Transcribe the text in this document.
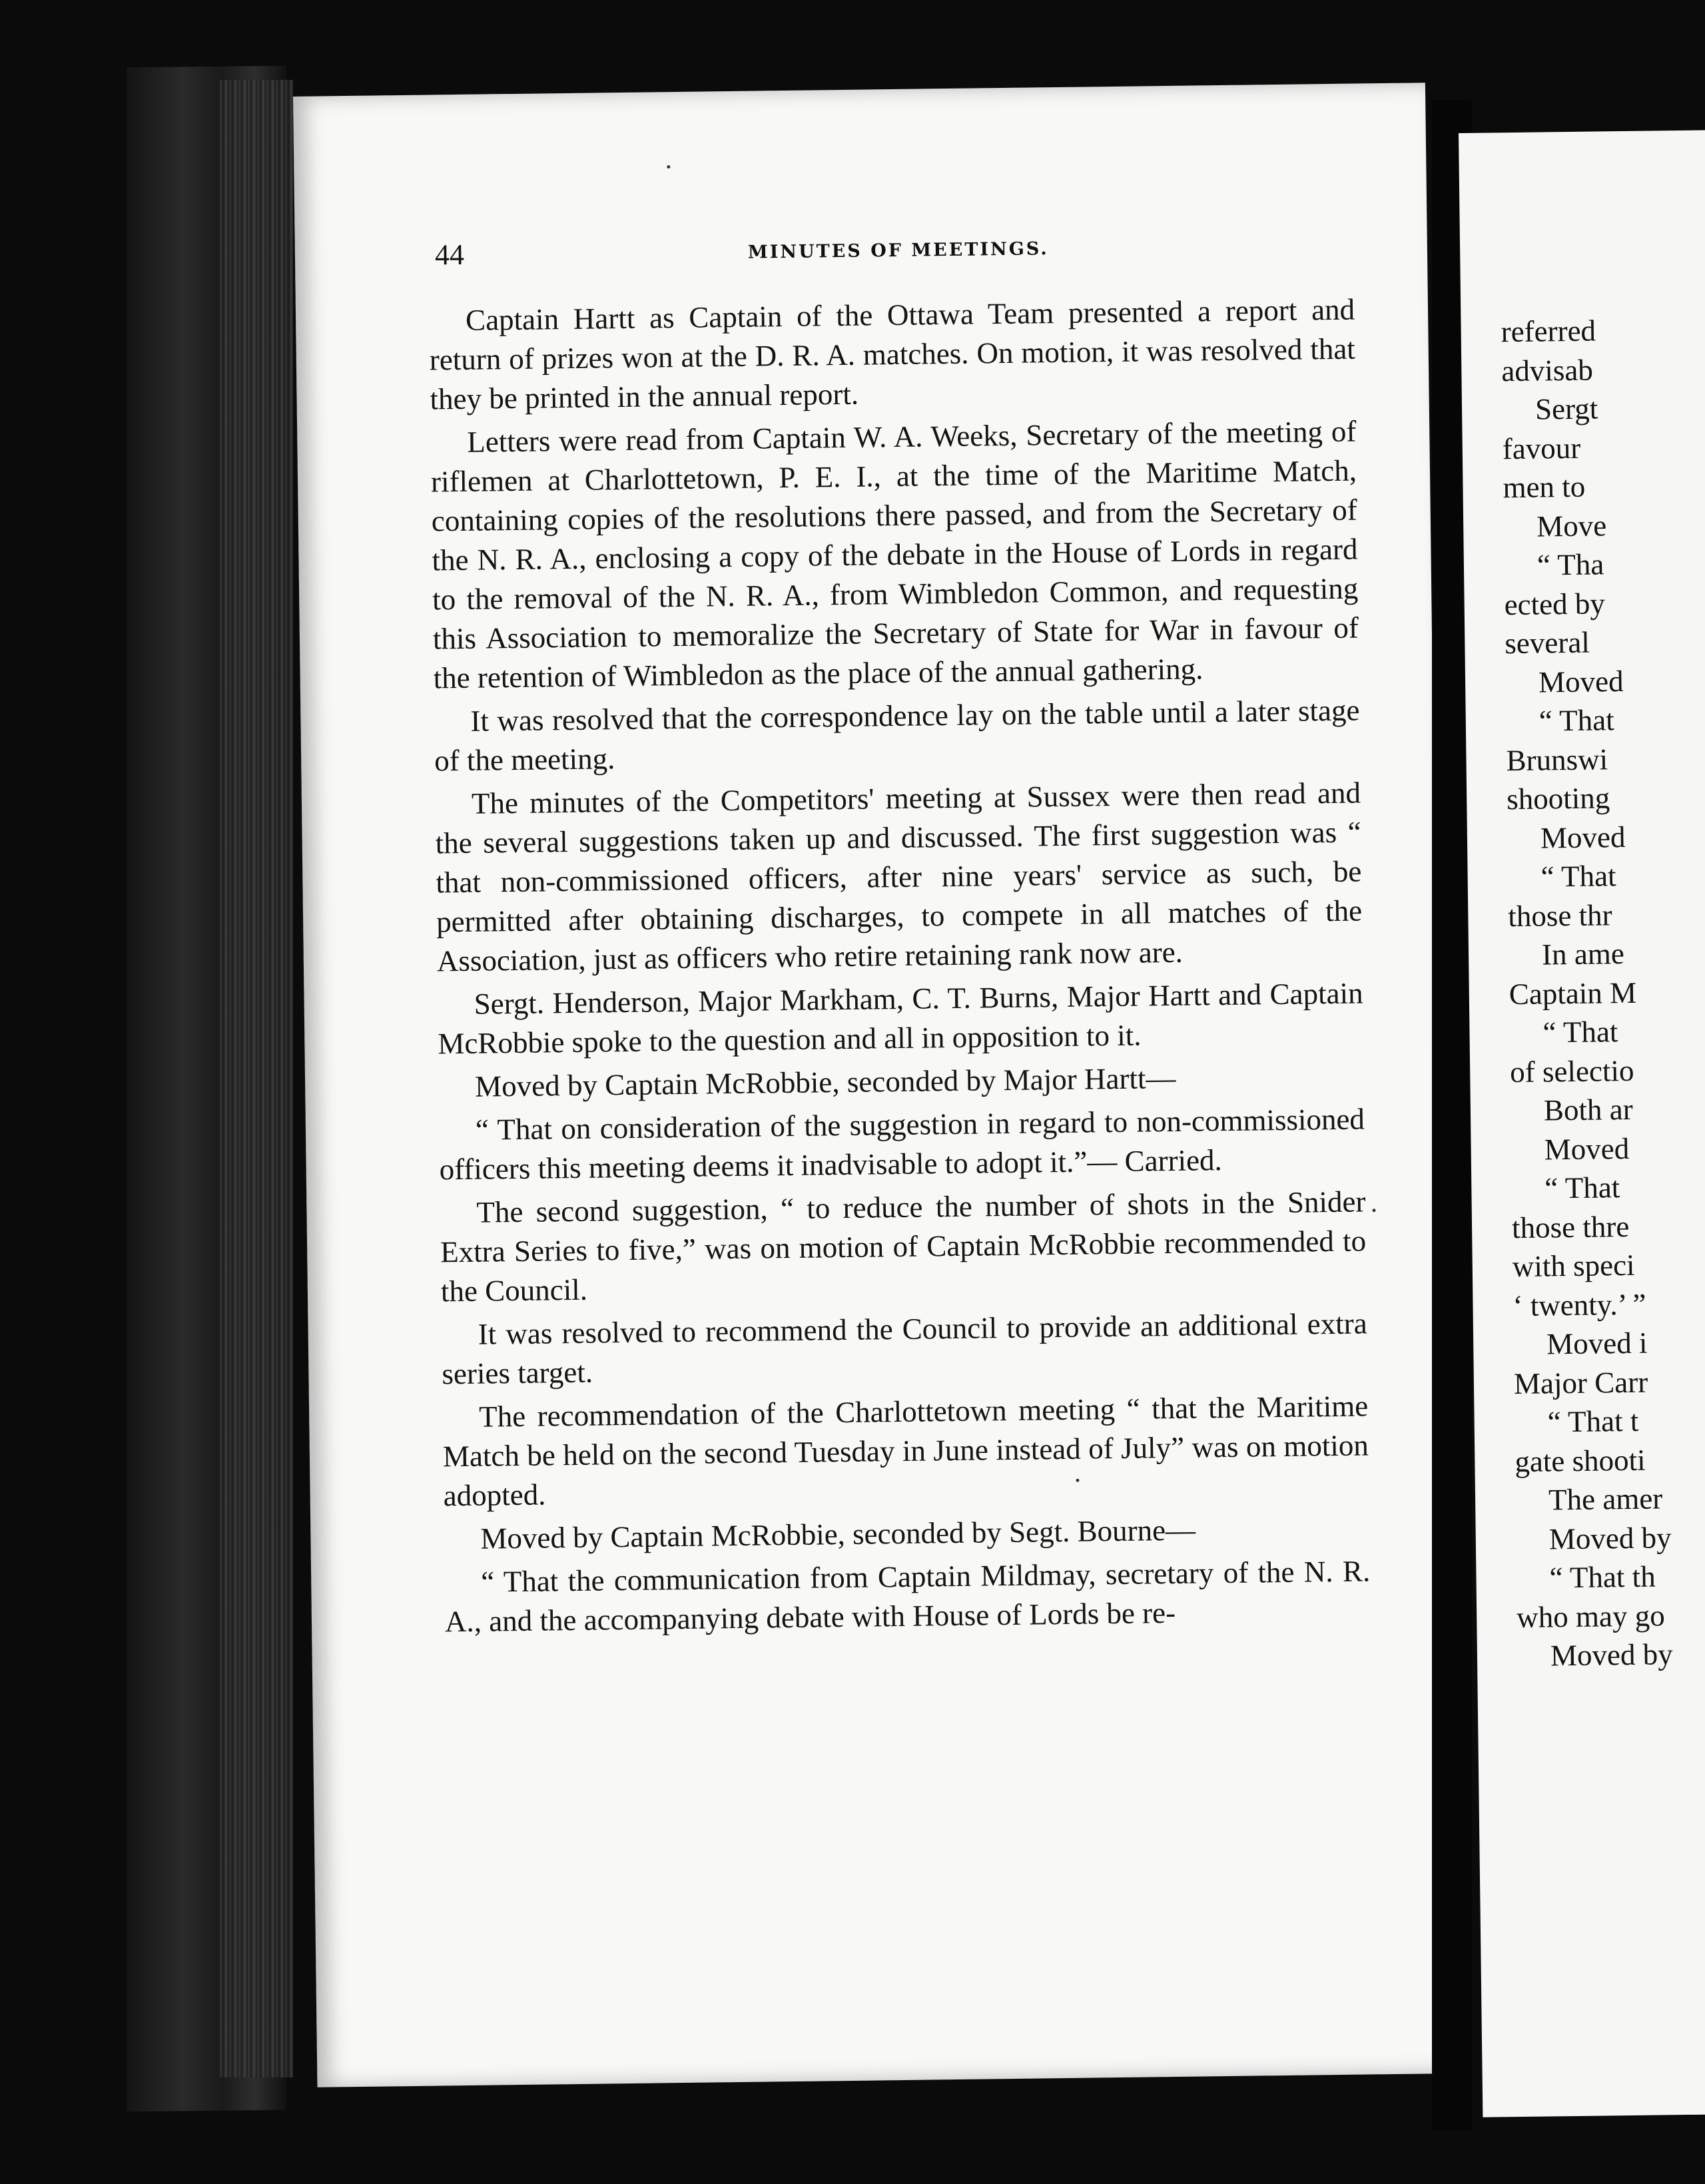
44	MINUTES OF MEETINGS.

Captain Hartt as Captain of the Ottawa Team presented a report and return of prizes won at the D. R. A. matches. On motion, it was resolved that they be printed in the annual report.

Letters were read from Captain W. A. Weeks, Secretary of the meeting of riflemen at Charlottetown, P. E. I., at the time of the Maritime Match, containing copies of the resolutions there passed, and from the Secretary of the N. R. A., enclosing a copy of the debate in the House of Lords in regard to the removal of the N. R. A., from Wimbledon Common, and requesting this Association to memoralize the Secretary of State for War in favour of the retention of Wimbledon as the place of the annual gathering.

It was resolved that the correspondence lay on the table until a later stage of the meeting.

The minutes of the Competitors' meeting at Sussex were then read and the several suggestions taken up and discussed. The first suggestion was “ that non-commissioned officers, after nine years' service as such, be permitted after obtaining discharges, to compete in all matches of the Association, just as officers who retire retaining rank now are.

Sergt. Henderson, Major Markham, C. T. Burns, Major Hartt and Captain McRobbie spoke to the question and all in opposition to it.

Moved by Captain McRobbie, seconded by Major Hartt—

“ That on consideration of the suggestion in regard to non-commissioned officers this meeting deems it inadvisable to adopt it.”— Carried.

The second suggestion, “ to reduce the number of shots in the Snider Extra Series to five,” was on motion of Captain McRobbie recommended to the Council.

It was resolved to recommend the Council to provide an additional extra series target.

The recommendation of the Charlottetown meeting “ that the Maritime Match be held on the second Tuesday in June instead of July” was on motion adopted.

Moved by Captain McRobbie, seconded by Segt. Bourne—

“ That the communication from Captain Mildmay, secretary of the N. R. A., and the accompanying debate with House of Lords be re-

referred
advisab
Sergt
favour
men to
Move
“ Tha
ected by
several
Moved
“ That
Brunswi
shooting
Moved
“ That
those thr
In ame
Captain M
“ That
of selectio
Both ar
Moved
“ That
those thre
with speci
‘ twenty.’ ”
Moved i
Major Carr
“ That t
gate shooti
The amer
Moved by
“ That th
who may go
Moved by
